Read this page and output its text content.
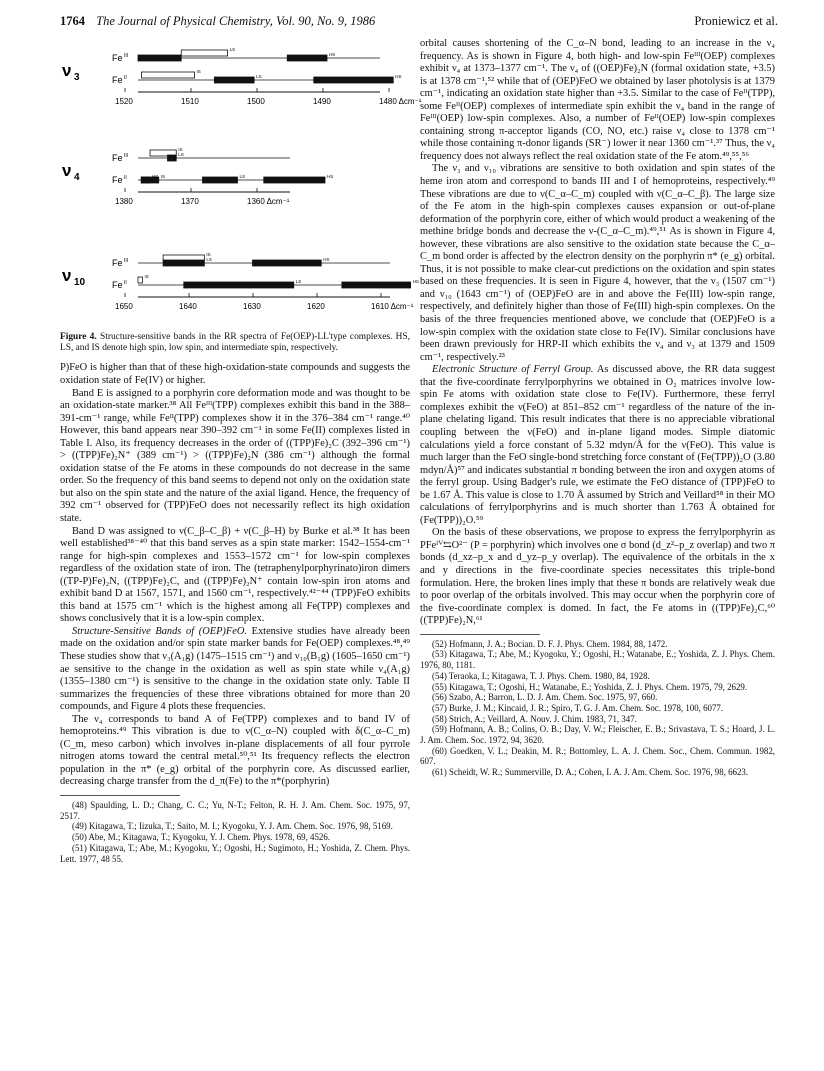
1764 The Journal of Physical Chemistry, Vol. 90, No. 9, 1986	Proniewicz et al.
ν 3
Fe III
Fe II
LS
HS
IS
LS	HS
1520	1510	1500	1490	1480 Δcm⁻¹
ν 4
Fe III
Fe II
IS
LS
IS
HS	LS	HS
1380	1370	1360 Δcm⁻¹
ν 10
Fe III
Fe II
IS
LS	HS
IS
LS	HS
1650	1640	1630	1620	1610 Δcm⁻¹
Figure 4. Structure-sensitive bands in the RR spectra of Fe(OEP)-LL'type complexes. HS, LS, and IS denote high spin, low spin, and intermediate spin, respectively.

P)FeO is higher than that of these high-oxidation-state compounds and suggests the oxidation state of Fe(IV) or higher.

Band E is assigned to a porphyrin core deformation mode and was thought to be an oxidation-state marker.³⁸ All Feᴵᴵᴵ(TPP) complexes exhibit this band in the 388–391-cm⁻¹ range, while Feᴵᴵ(TPP) complexes show it in the 376–384 cm⁻¹ range.⁴⁰ However, this band appears near 390–392 cm⁻¹ in some Fe(II) complexes listed in Table I. Also, its frequency decreases in the order of ((TPP)Fe)₂C (392–396 cm⁻¹) > ((TPP)Fe)₂N⁺ (389 cm⁻¹) > ((TPP)Fe)₂N (386 cm⁻¹) although the formal oxidation statse of the Fe atoms in these compounds do not decrease in the same order. So the frequency of this band seems to depend not only on the oxidation state but also on the spin state and the nature of the axial ligand. Hence, the frequency of 392 cm⁻¹ observed for (TPP)FeO does not necessarily reflect its high oxidation state.

Band D was assigned to ν(C_β–C_β) + ν(C_β–H) by Burke et al.³⁸ It has been well established³⁸⁻⁴⁰ that this band serves as a spin state marker: 1542–1554-cm⁻¹ range for high-spin complexes and 1553–1572 cm⁻¹ for low-spin complexes regardless of the oxidation state of iron. The (tetraphenylporphyrinato)iron dimers ((TP-P)Fe)₂N, ((TPP)Fe)₂C, and ((TPP)Fe)₂N⁺ contain low-spin iron atoms and exhibit band D at 1567, 1571, and 1560 cm⁻¹, respectively.⁴²⁻⁴⁴ (TPP)FeO exhibits this band at 1575 cm⁻¹ which is the highest among all Fe(TPP) complexes and shows conclusively that it is a low-spin complex.

Structure-Sensitive Bands of (OEP)FeO. Extensive studies have already been made on the oxidation and/or spin state marker bands for Fe(OEP) complexes.⁴⁸,⁴⁹ These studies show that ν₃(A₁g) (1475–1515 cm⁻¹) and ν₁₀(B₁g) (1605–1650 cm⁻¹) ae sensitive to the change in the oxidation as well as spin state while ν₄(A₁g) (1355–1380 cm⁻¹) is sensitive to the change in the oxidation state only. Table II summarizes the frequencies of these three vibrations obtained for more than 20 compounds, and Figure 4 plots these frequencies.

The ν₄ corresponds to band A of Fe(TPP) complexes and to band IV of hemoproteins.⁴⁹ This vibration is due to ν(C_α–N) coupled with δ(C_α–C_m) (C_m, meso carbon) which involves in-plane displacements of all four pyrrole nitrogen atoms toward the central metal.⁵⁰,⁵¹ Its frequency reflects the electron population in the π* (e_g) orbital of the porphyrin core. As discussed earlier, decreasing charge transfer from the d_π(Fe) to the π*(porphyrin)

(48) Spaulding, L. D.; Chang, C. C.; Yu, N-T.; Felton, R. H. J. Am. Chem. Soc. 1975, 97, 2517.
(49) Kitagawa, T.; Iizuka, T.; Saito, M. I.; Kyogoku, Y. J. Am. Chem. Soc. 1976, 98, 5169.
(50) Abe, M.; Kitagawa, T.; Kyogoku, Y. J. Chem. Phys. 1978, 69, 4526.
(51) Kitagawa, T.; Abe, M.; Kyogoku, Y.; Ogoshi, H.; Sugimoto, H.; Yoshida, Z. Chem. Phys. Lett. 1977, 48 55.

orbital causes shortening of the C_α–N bond, leading to an increase in the ν₄ frequency. As is shown in Figure 4, both high- and low-spin Feᴵᴵᴵ(OEP) complexes exhibit ν₄ at 1373–1377 cm⁻¹. The ν₄ of ((OEP)Fe)₂N (formal oxidation state, +3.5) is at 1378 cm⁻¹,⁵² while that of (OEP)FeO we obtained by laser photolysis is at 1379 cm⁻¹, indicating an oxidation state higher than +3.5. Similar to the case of Feᴵᴵ(TPP), some Feᴵᴵ(OEP) complexes of intermediate spin exhibit the ν₄ band in the range of Feᴵᴵᴵ(OEP) low-spin complexes. Also, a number of Feᴵᴵ(OEP) low-spin complexes containing strong π-acceptor ligands (CO, NO, etc.) raise ν₄ close to 1378 cm⁻¹ while those containing π-donor ligands (SR⁻) lower it near 1360 cm⁻¹.³⁷ Thus, the ν₄ frequency does not always reflect the real oxidation state of the Fe atom.⁴⁹,⁵⁵,⁵⁶

The ν₃ and ν₁₀ vibrations are sensitive to both oxidation and spin states of the heme iron atom and correspond to bands III and I of hemoproteins, respectively.⁴⁹ These vibrations are due to ν(C_α–C_m) coupled with ν(C_α–C_β). The large size of the Fe atom in the high-spin complexes causes expansion or out-of-plane deformation of the porphyrin core, either of which would product a weakening of the methine bridge bonds and decrease the ν-(C_α–C_m).⁴⁹,⁵¹ As is shown in Figure 4, however, these vibrations are also sensitive to the oxidation state because the C_α–C_m bond order is affected by the electron density on the porphyrin π* (e_g) orbital. Thus, it is not possible to make clear-cut predictions on the oxidation and spin states based on these frequencies. It is seen in Figure 4, however, that the ν₃ (1507 cm⁻¹) and ν₁₀ (1643 cm⁻¹) of (OEP)FeO are in and above the Fe(III) low-spin range, respectively, and definitely higher than those of Fe(III) high-spin complexes. On the basis of the three frequencies mentioned above, we conclude that (OEP)FeO is a low-spin complex with the oxidation state close to Fe(IV). Similar conclusions have been drawn previously for HRP-II which exhibits the ν₄ and ν₃ at 1379 and 1509 cm⁻¹, respectively.²³

Electronic Structure of Ferryl Group. As discussed above, the RR data suggest that the five-coordinate ferrylporphyrins we obtained in O₂ matrices involve low-spin Fe atoms with oxidation state close to Fe(IV). Furthermore, these ferryl complexes exhibit the ν(FeO) at 851–852 cm⁻¹ regardless of the nature of the in-plane chelating ligand. This result indicates that there is no appreciable vibrational coupling between the ν(FeO) and in-plane ligand modes. Simple diatomic calculations yield a force constant of 5.32 mdyn/Å for the ν(FeO). This value is much larger than the FeO single-bond stretching force constant of (Fe(TPP))₂O (3.80 mdyn/Å)⁵⁷ and indicates substantial π bonding between the iron and oxygen atoms of the ferryl group. Using Badger's rule, we estimate the FeO distance of (TPP)FeO to be 1.67 Å. This value is close to 1.70 Å assumed by Strich and Veillard⁵⁸ in their MO calculations of ferrylporphyrins and is much shorter than 1.763 Å obtained for (Fe(TPP))₂O.⁵⁹

On the basis of these observations, we propose to express the ferrylporphyrin as PFeᴵⱽ⇆O²⁻ (P = porphyrin) which involves one σ bond (d_z²–p_z overlap) and two π bonds (d_xz–p_x and d_yz–p_y overlap). The equivalence of the orbitals in the x and y directions in the five-coordinate species necessitates this triple-bond formulation. Here, the broken lines imply that these π bonds are relatively weak due to poor overlap of the orbitals involved. This may occur when the porphyrin core of the five-coordinate complex is domed. In fact, the Fe atoms in ((TPP)Fe)₂C,⁶⁰ ((TPP)Fe)₂N,⁶¹

(52) Hofmann, J. A.; Bocian. D. F. J. Phys. Chem. 1984, 88, 1472.
(53) Kitagawa, T.; Abe, M.; Kyogoku, Y.; Ogoshi, H.; Watanabe, E.; Yoshida, Z. J. Phys. Chem. 1976, 80, 1181.
(54) Teraoka, I.; Kitagawa, T. J. Phys. Chem. 1980, 84, 1928.
(55) Kitagawa, T.; Ogoshi, H.; Watanabe, E.; Yoshida, Z. J. Phys. Chem. 1975, 79, 2629.
(56) Szabo, A.; Barron, L. D. J. Am. Chem. Soc. 1975, 97, 660.
(57) Burke, J. M.; Kincaid, J. R.; Spiro, T. G. J. Am. Chem. Soc. 1978, 100, 6077.
(58) Strich, A.; Veillard, A. Nouv. J. Chim. 1983, 71, 347.
(59) Hofmann, A. B.; Colins, O. B.; Day, V. W.; Fleischer, E. B.; Srivastava, T. S.; Hoard, J. L. J. Am. Chem. Soc. 1972, 94, 3620.
(60) Goedken, V. L.; Deakin, M. R.; Bottomley, L. A. J. Chem. Soc., Chem. Commun. 1982, 607.
(61) Scheidt, W. R.; Summerville, D. A.; Cohen, I. A. J. Am. Chem. Soc. 1976, 98, 6623.
